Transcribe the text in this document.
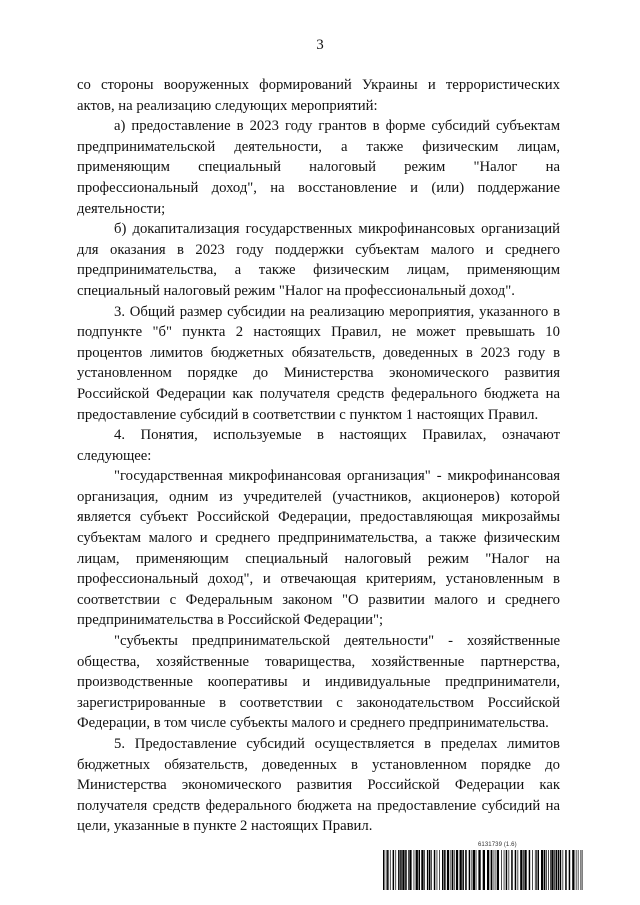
3

со стороны вооруженных формирований Украины и террористических актов, на реализацию следующих мероприятий:

а) предоставление в 2023 году грантов в форме субсидий субъектам предпринимательской деятельности, а также физическим лицам, применяющим специальный налоговый режим "Налог на профессиональный доход", на восстановление и (или) поддержание деятельности;

б) докапитализация государственных микрофинансовых организаций для оказания в 2023 году поддержки субъектам малого и среднего предпринимательства, а также физическим лицам, применяющим специальный налоговый режим "Налог на профессиональный доход".

3. Общий размер субсидии на реализацию мероприятия, указанного в подпункте "б" пункта 2 настоящих Правил, не может превышать 10 процентов лимитов бюджетных обязательств, доведенных в 2023 году в установленном порядке до Министерства экономического развития Российской Федерации как получателя средств федерального бюджета на предоставление субсидий в соответствии с пунктом 1 настоящих Правил.

4. Понятия, используемые в настоящих Правилах, означают следующее:

"государственная микрофинансовая организация" - микрофинансовая организация, одним из учредителей (участников, акционеров) которой является субъект Российской Федерации, предоставляющая микрозаймы субъектам малого и среднего предпринимательства, а также физическим лицам, применяющим специальный налоговый режим "Налог на профессиональный доход", и отвечающая критериям, установленным в соответствии с Федеральным законом "О развитии малого и среднего предпринимательства в Российской Федерации";

"субъекты предпринимательской деятельности" - хозяйственные общества, хозяйственные товарищества, хозяйственные партнерства, производственные кооперативы и индивидуальные предприниматели, зарегистрированные в соответствии с законодательством Российской Федерации, в том числе субъекты малого и среднего предпринимательства.

5. Предоставление субсидий осуществляется в пределах лимитов бюджетных обязательств, доведенных в установленном порядке до Министерства экономического развития Российской Федерации как получателя средств федерального бюджета на предоставление субсидий на цели, указанные в пункте 2 настоящих Правил.

6131739 (1.6)
